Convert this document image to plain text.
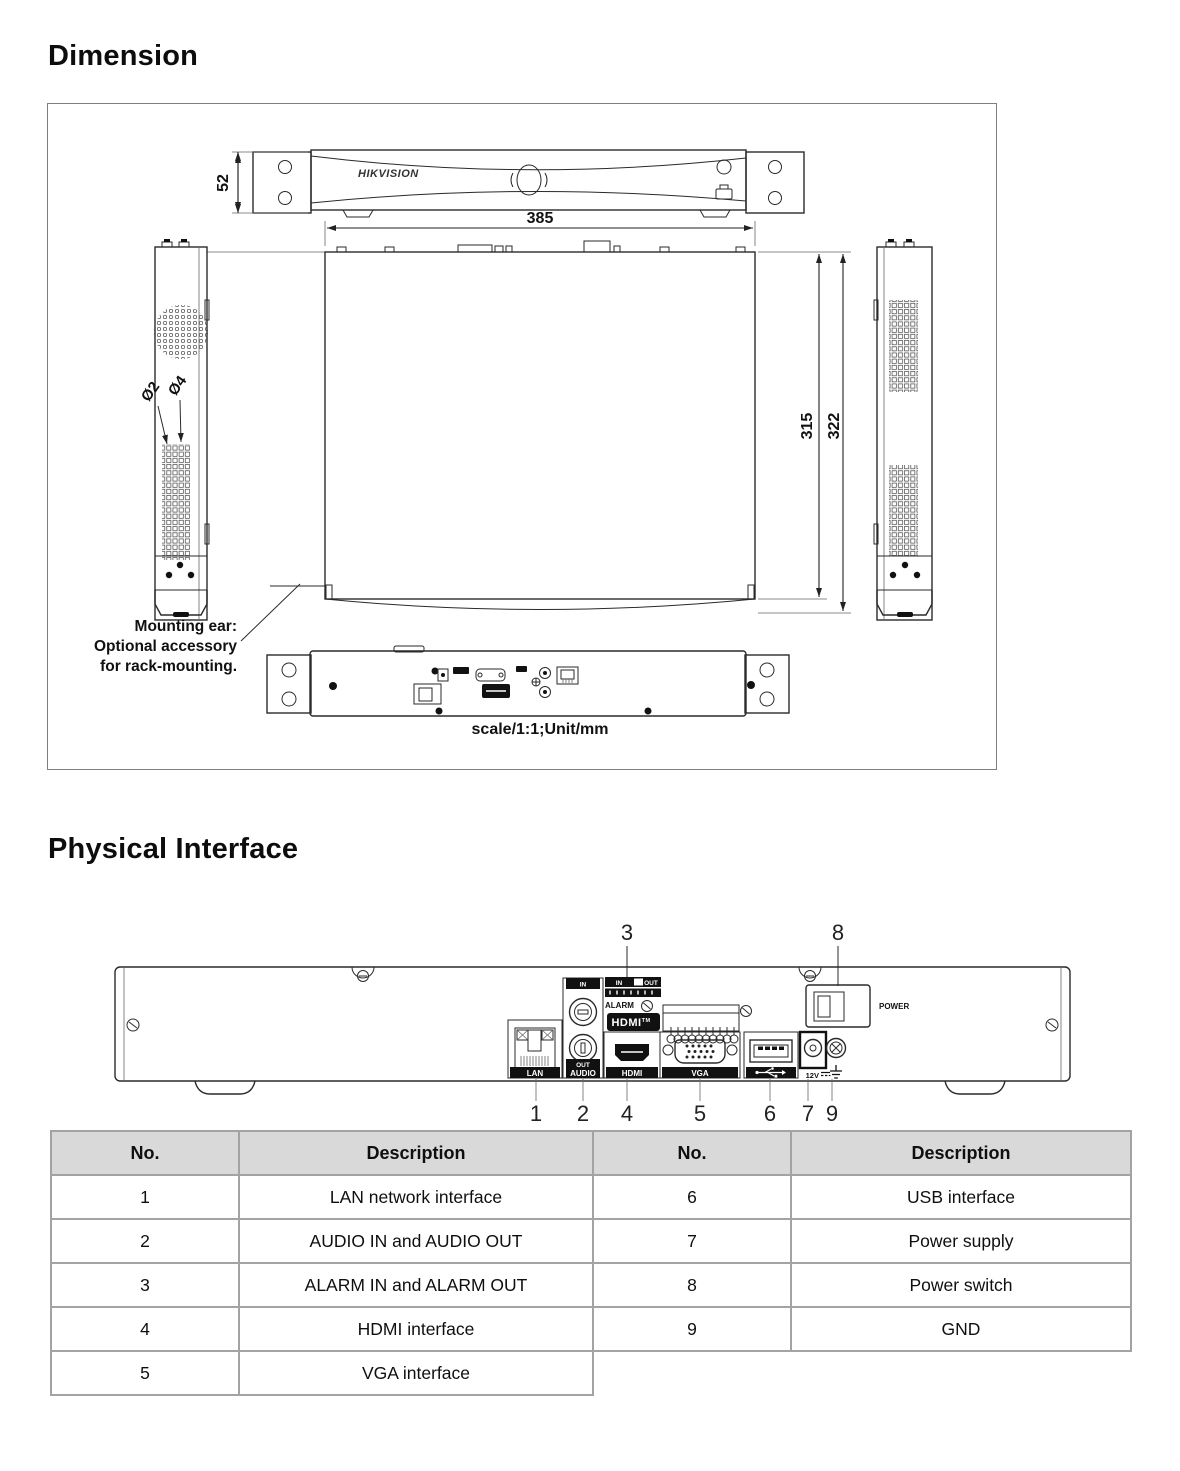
Dimension
HIKVISION
52
385
315 322
Ø2 Ø4
Mounting ear:
Optional accessory
for rack-mounting.
scale/1:1;Unit/mm
Physical Interface
3	8
LAN
IN
OUT
AUDIO
IN	OUT
ALARM
HDMI™
HDMI	VGA	12V
POWER
1 2 4	5	6 7 9
No.	Description	No.	Description
1	LAN network interface	6	USB interface
2	AUDIO IN and AUDIO OUT	7	Power supply
3	ALARM IN and ALARM OUT	8	Power switch
4	HDMI interface	9	GND
5	VGA interface		
